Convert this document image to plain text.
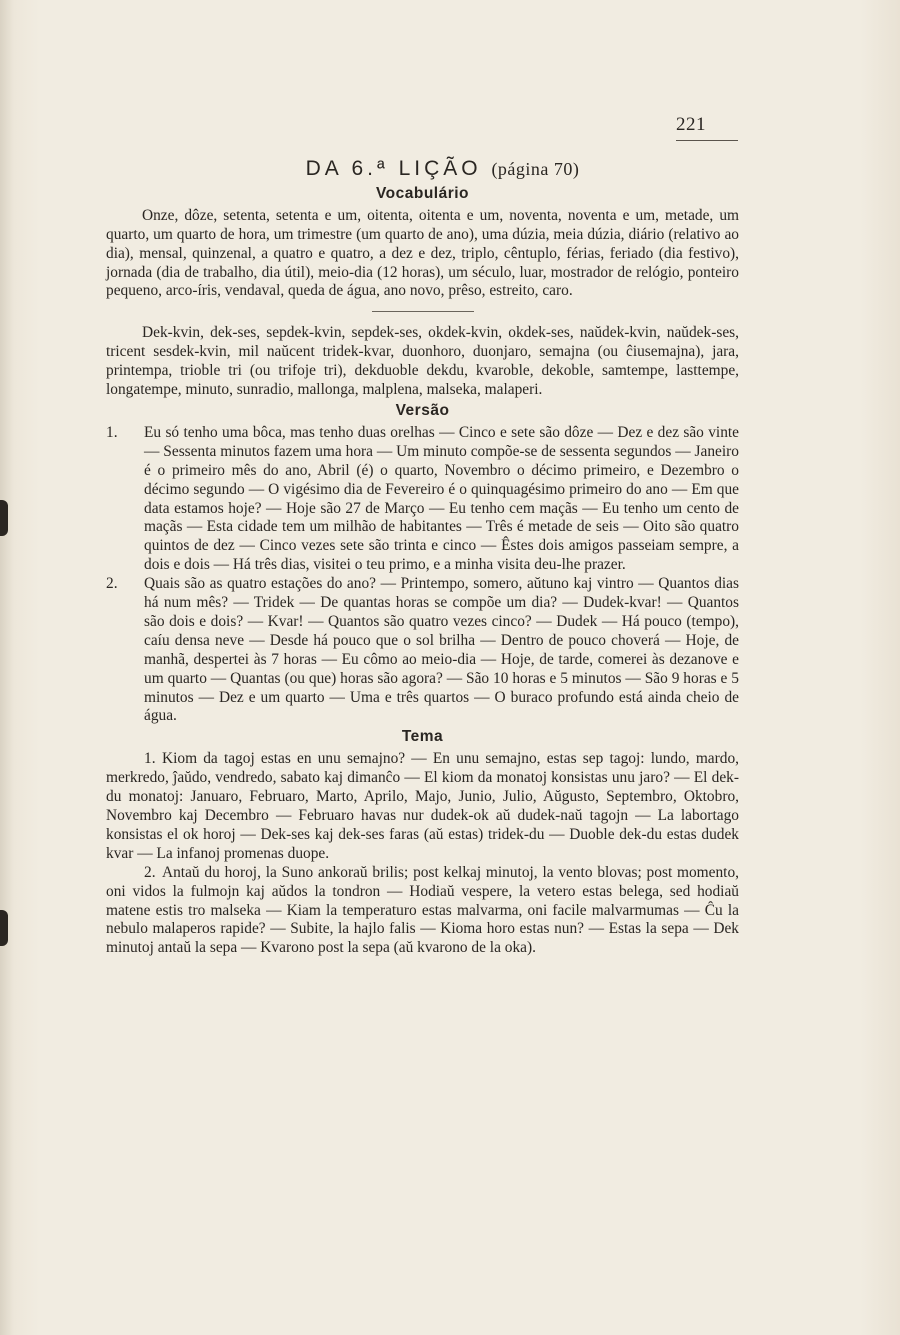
221
DA 6.ª LIÇÃO (página 70)
Vocabulário

Onze, dôze, setenta, setenta e um, oitenta, oitenta e um, noventa, noventa e um, metade, um quarto, um quarto de hora, um trimestre (um quarto de ano), uma dúzia, meia dúzia, diário (relativo ao dia), mensal, quinzenal, a quatro e quatro, a dez e dez, triplo, cêntuplo, férias, feriado (dia festivo), jornada (dia de trabalho, dia útil), meio-dia (12 horas), um século, luar, mostrador de relógio, ponteiro pequeno, arco-íris, vendaval, queda de água, ano novo, prêso, estreito, caro.

Dek-kvin, dek-ses, sepdek-kvin, sepdek-ses, okdek-kvin, okdek-ses, naŭdek-kvin, naŭdek-ses, tricent sesdek-kvin, mil naŭcent tridek-kvar, duonhoro, duonjaro, semajna (ou ĉiusemajna), jara, printempa, trioble tri (ou trifoje tri), dekduoble dekdu, kvaroble, dekoble, samtempe, lasttempe, longatempe, minuto, sunradio, mallonga, malplena, malseka, malaperi.

Versão
1. Eu só tenho uma bôca, mas tenho duas orelhas — Cinco e sete são dôze — Dez e dez são vinte — Sessenta minutos fazem uma hora — Um minuto compõe-se de sessenta segundos — Janeiro é o primeiro mês do ano, Abril (é) o quarto, Novembro o décimo primeiro, e Dezembro o décimo segundo — O vigésimo dia de Fevereiro é o quinquagésimo primeiro do ano — Em que data estamos hoje? — Hoje são 27 de Março — Eu tenho cem maçãs — Eu tenho um cento de maçãs — Esta cidade tem um milhão de habitantes — Três é metade de seis — Oito são quatro quintos de dez — Cinco vezes sete são trinta e cinco — Êstes dois amigos passeiam sempre, a dois e dois — Há três dias, visitei o teu primo, e a minha visita deu-lhe prazer.
2. Quais são as quatro estações do ano? — Printempo, somero, aŭtuno kaj vintro — Quantos dias há num mês? — Tridek — De quantas horas se compõe um dia? — Dudek-kvar! — Quantos são dois e dois? — Kvar! — Quantos são quatro vezes cinco? — Dudek — Há pouco (tempo), caíu densa neve — Desde há pouco que o sol brilha — Dentro de pouco choverá — Hoje, de manhã, despertei às 7 horas — Eu cômo ao meio-dia — Hoje, de tarde, comerei às dezanove e um quarto — Quantas (ou que) horas são agora? — São 10 horas e 5 minutos — São 9 horas e 5 minutos — Dez e um quarto — Uma e três quartos — O buraco profundo está ainda cheio de água.
Tema

1. Kiom da tagoj estas en unu semajno? — En unu semajno, estas sep tagoj: lundo, mardo, merkredo, ĵaŭdo, vendredo, sabato kaj dimanĉo — El kiom da monatoj konsistas unu jaro? — El dek-du monatoj: Januaro, Februaro, Marto, Aprilo, Majo, Junio, Julio, Aŭgusto, Septembro, Oktobro, Novembro kaj Decembro — Februaro havas nur dudek-ok aŭ dudek-naŭ tagojn — La labortago konsistas el ok horoj — Dek-ses kaj dek-ses faras (aŭ estas) tridek-du — Duoble dek-du estas dudek kvar — La infanoj promenas duope.

2. Antaŭ du horoj, la Suno ankoraŭ brilis; post kelkaj minutoj, la vento blovas; post momento, oni vidos la fulmojn kaj aŭdos la tondron — Hodiaŭ vespere, la vetero estas belega, sed hodiaŭ matene estis tro malseka — Kiam la temperaturo estas malvarma, oni facile malvarmumas — Ĉu la nebulo malaperos rapide? — Subite, la hajlo falis — Kioma horo estas nun? — Estas la sepa — Dek minutoj antaŭ la sepa — Kvarono post la sepa (aŭ kvarono de la oka).
